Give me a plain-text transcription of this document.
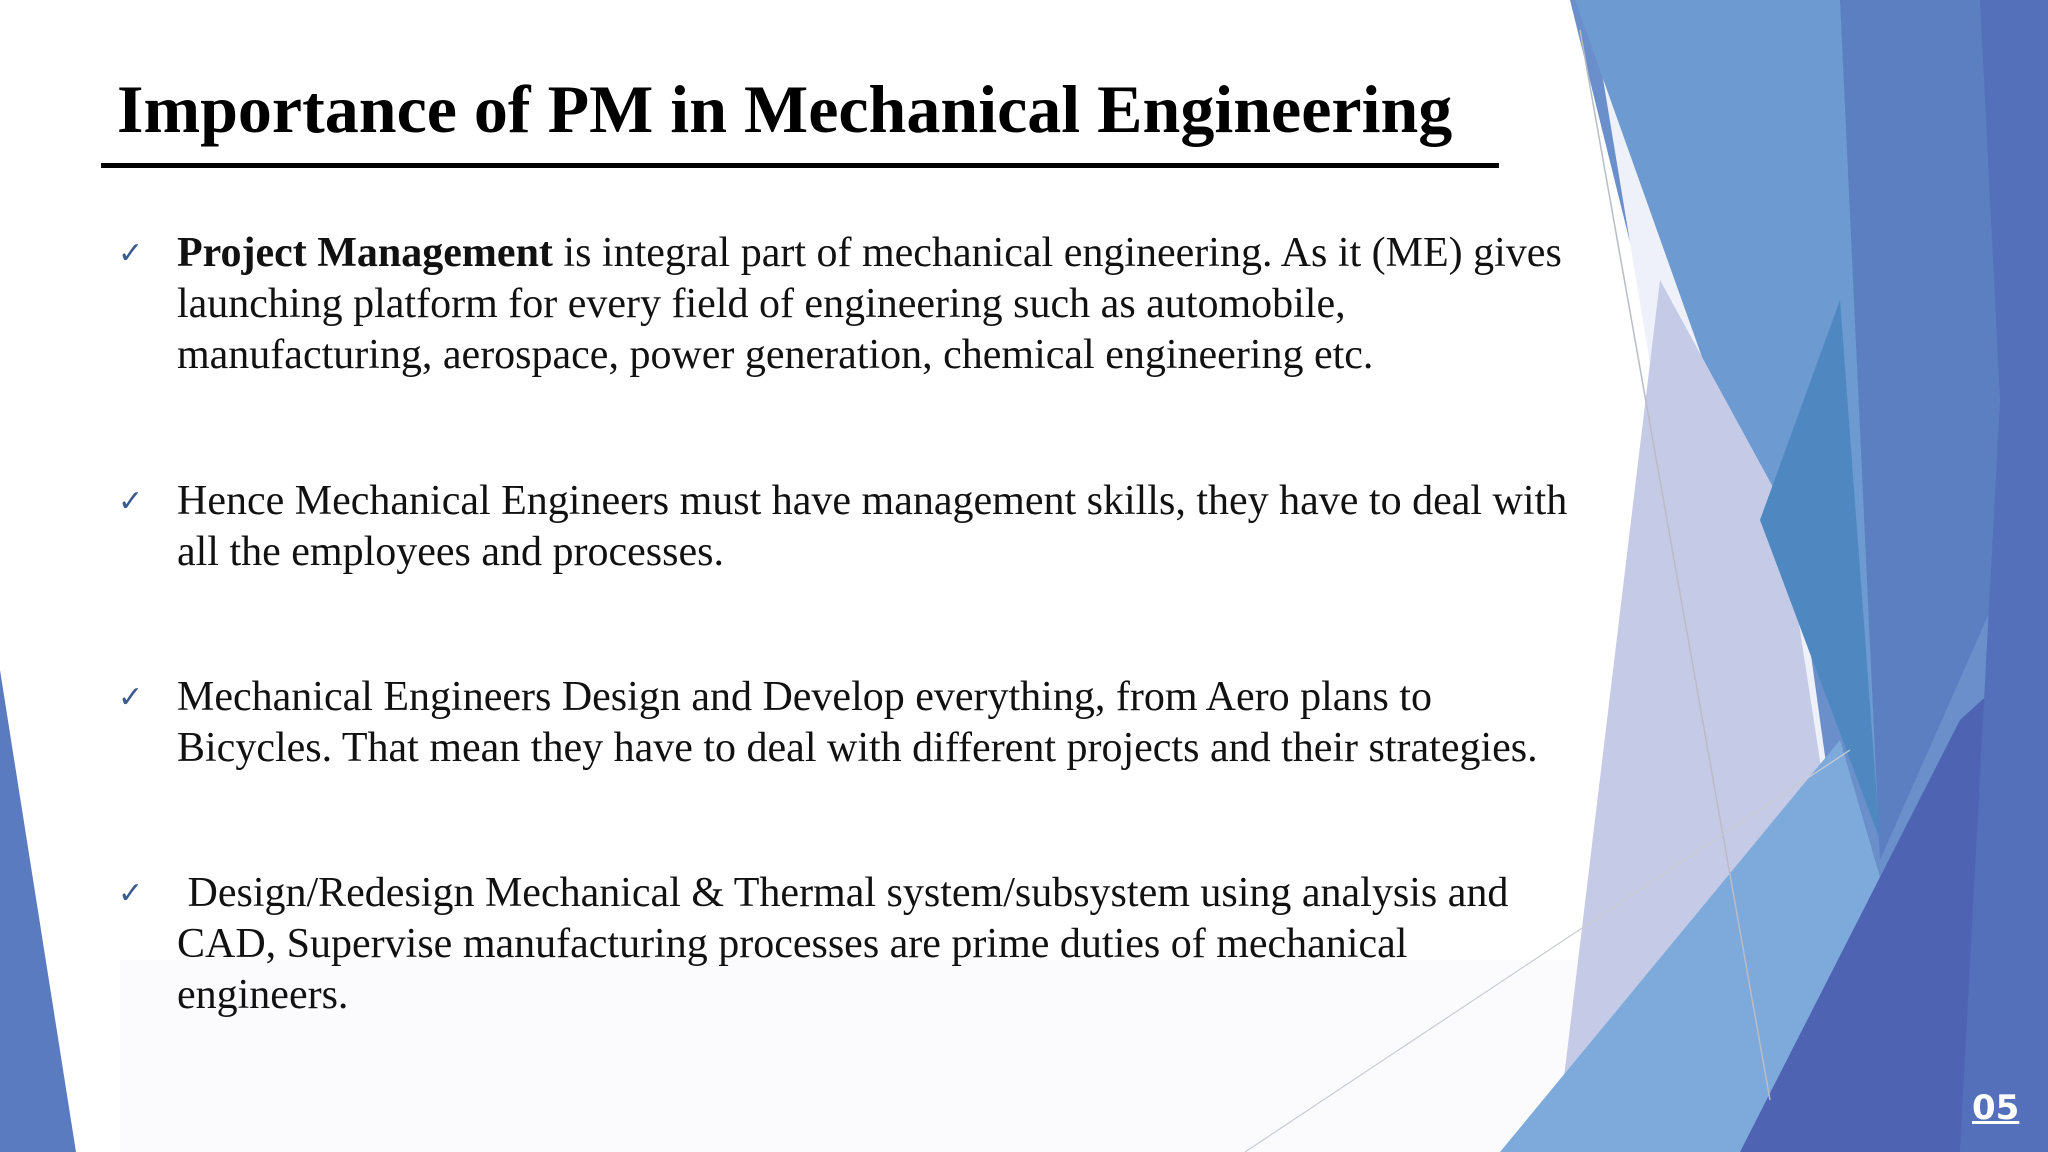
Importance of PM in Mechanical Engineering
✓ Project Management is integral part of mechanical engineering. As it (ME) gives
launching platform for every field of engineering such as automobile,
manufacturing, aerospace, power generation, chemical engineering etc.
✓ Hence Mechanical Engineers must have management skills, they have to deal with
all the employees and processes.
✓ Mechanical Engineers Design and Develop everything, from Aero plans to
Bicycles. That mean they have to deal with different projects and their strategies.
✓ Design/Redesign Mechanical & Thermal system/subsystem using analysis and
CAD, Supervise manufacturing processes are prime duties of mechanical
engineers.
05
